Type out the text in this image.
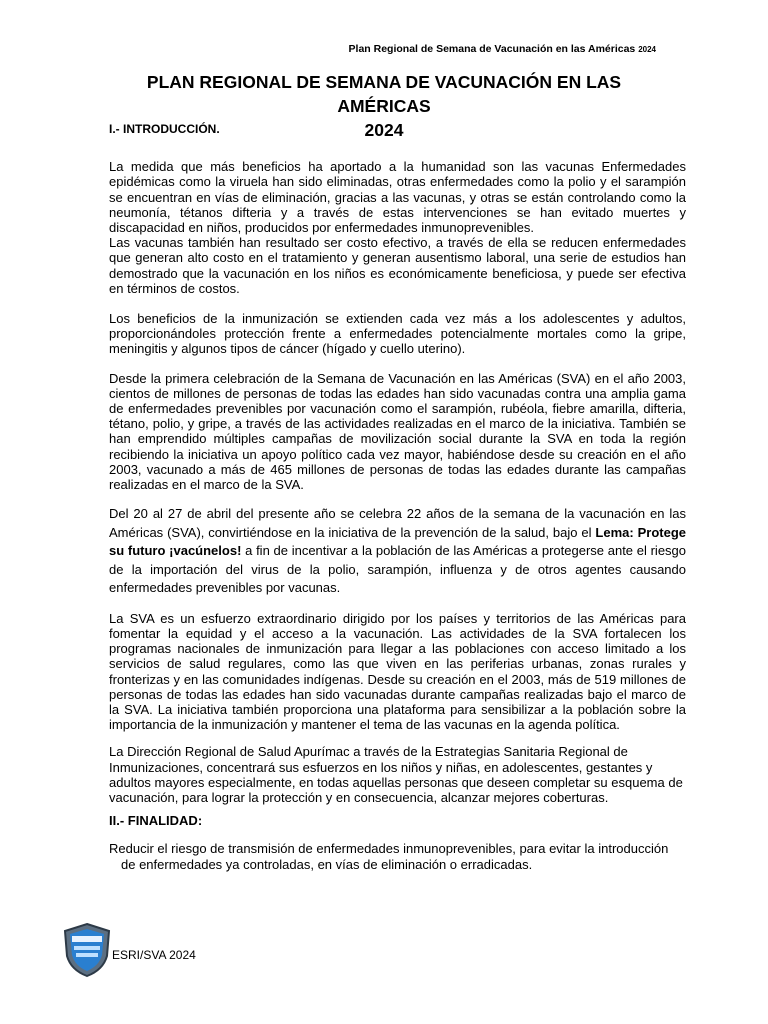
Plan Regional de Semana de Vacunación en las Américas 2024
PLAN REGIONAL DE SEMANA DE VACUNACIÓN EN LAS AMÉRICAS
2024

I.- INTRODUCCIÓN.

La medida que más beneficios ha aportado a la humanidad son las vacunas Enfermedades epidémicas como la viruela han sido eliminadas, otras enfermedades como la polio y el sarampión se encuentran en vías de eliminación, gracias a las vacunas, y otras se están controlando como la neumonía, tétanos difteria y a través de estas intervenciones se han evitado muertes y discapacidad en niños, producidos por enfermedades inmunoprevenibles.

Las vacunas también han resultado ser costo efectivo, a través de ella se reducen enfermedades que generan alto costo en el tratamiento y generan ausentismo laboral, una serie de estudios han demostrado que la vacunación en los niños es económicamente beneficiosa, y puede ser efectiva en términos de costos.

Los beneficios de la inmunización se extienden cada vez más a los adolescentes y adultos, proporcionándoles protección frente a enfermedades potencialmente mortales como la gripe, meningitis y algunos tipos de cáncer (hígado y cuello uterino).

Desde la primera celebración de la Semana de Vacunación en las Américas (SVA) en el año 2003, cientos de millones de personas de todas las edades han sido vacunadas contra una amplia gama de enfermedades prevenibles por vacunación como el sarampión, rubéola, fiebre amarilla, difteria, tétano, polio, y gripe, a través de las actividades realizadas en el marco de la iniciativa. También se han emprendido múltiples campañas de movilización social durante la SVA en toda la región recibiendo la iniciativa un apoyo político cada vez mayor, habiéndose desde su creación en el año 2003, vacunado a más de 465 millones de personas de todas las edades durante las campañas realizadas en el marco de la SVA.

Del 20 al 27 de abril del presente año se celebra 22 años de la semana de la vacunación en las Américas (SVA), convirtiéndose en la iniciativa de la prevención de la salud, bajo el Lema: Protege su futuro ¡vacúnelos! a fin de incentivar a la población de las Américas a protegerse ante el riesgo de la importación del virus de la polio, sarampión, influenza y de otros agentes causando enfermedades prevenibles por vacunas.

La SVA es un esfuerzo extraordinario dirigido por los países y territorios de las Américas para fomentar la equidad y el acceso a la vacunación. Las actividades de la SVA fortalecen los programas nacionales de inmunización para llegar a las poblaciones con acceso limitado a los servicios de salud regulares, como las que viven en las periferias urbanas, zonas rurales y fronterizas y en las comunidades indígenas. Desde su creación en el 2003, más de 519 millones de personas de todas las edades han sido vacunadas durante campañas realizadas bajo el marco de la SVA. La iniciativa también proporciona una plataforma para sensibilizar a la población sobre la importancia de la inmunización y mantener el tema de las vacunas en la agenda política.

La Dirección Regional de Salud Apurímac a través de la Estrategias Sanitaria Regional de Inmunizaciones, concentrará sus esfuerzos en los niños y niñas, en adolescentes, gestantes y adultos mayores especialmente, en todas aquellas personas que deseen completar su esquema de vacunación, para lograr la protección y en consecuencia, alcanzar mejores coberturas.

II.- FINALIDAD:

Reducir el riesgo de transmisión de enfermedades inmunoprevenibles, para evitar la introducción de enfermedades ya controladas, en vías de eliminación o erradicadas.

ESRI/SVA 2024
